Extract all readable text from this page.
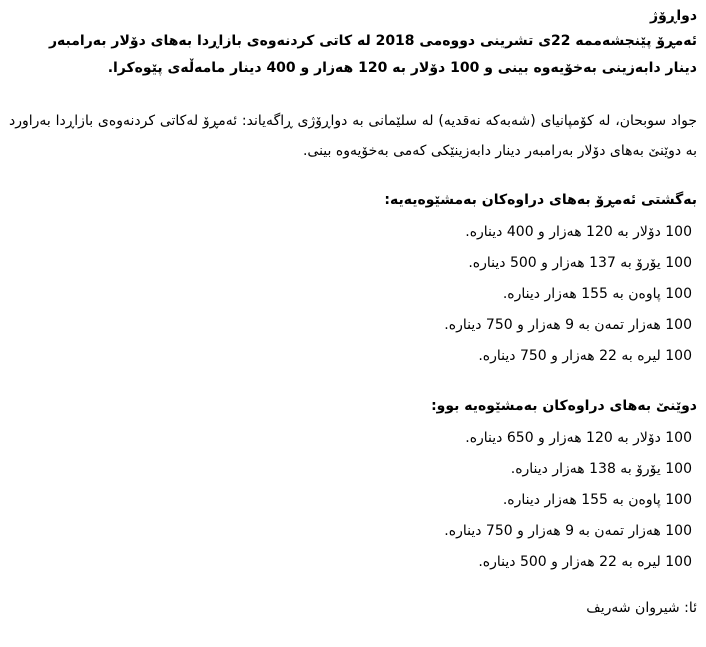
دواڕۆژ

ئەمڕۆ پێنجشەممە 22ی تشرینی دووەمی 2018 لە کاتی کردنەوەی بازاڕدا بەهای دۆلار بەرامبەر

دینار دابەزینی بەخۆیەوە بینی و 100 دۆلار بە 120 هەزار و 400 دینار مامەڵەی پێوەکرا.

جواد سوبحان، لە کۆمپانیای (شەبەکە نەقدیە) لە سلێمانی بە دواڕۆژی ڕاگەیاند: ئەمڕۆ لەکاتی کردنەوەی بازاڕدا بەراورد بە دوێنێ بەهای دۆلار بەرامبەر دینار دابەزینێکی کەمی بەخۆیەوە بینی.

بەگشتی ئەمڕۆ بەهای دراوەکان بەمشێوەیەیە:

100 دۆلار بە 120 هەزار و 400 دینارە.

100 یۆرۆ بە 137 هەزار و 500 دینارە.

100 پاوەن بە 155 هەزار دینارە.

100 هەزار تمەن بە 9 هەزار و 750 دینارە.

100 لیرە بە 22 هەزار و 750 دینارە.

دوێنێ بەهای دراوەکان بەمشێوەیە بوو:

100 دۆلار بە 120 هەزار و 650 دینارە.

100 یۆرۆ بە 138 هەزار دینارە.

100 پاوەن بە 155 هەزار دینارە.

100 هەزار تمەن بە 9 هەزار و 750 دینارە.

100 لیرە بە 22 هەزار و 500 دینارە.

ئا: شیروان شەریف
